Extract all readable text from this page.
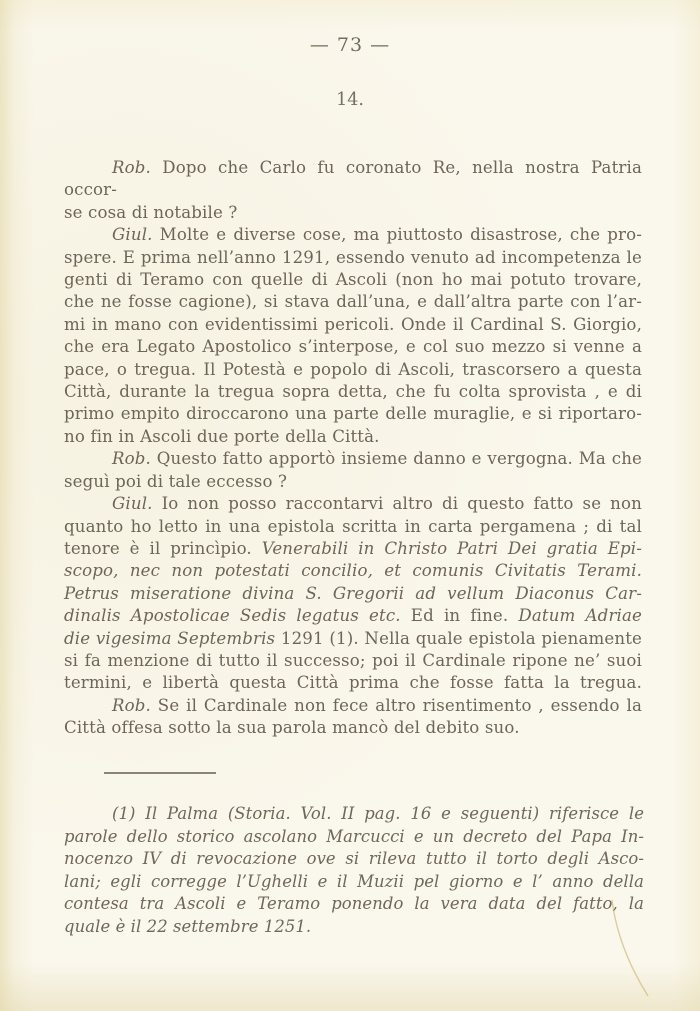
— 73 —
14.
Rob. Dopo che Carlo fu coronato Re, nella nostra Patria occor-
se cosa di notabile ?
Giul. Molte e diverse cose, ma piuttosto disastrose, che pro-
spere. E prima nell’anno 1291, essendo venuto ad incompetenza le
genti di Teramo con quelle di Ascoli (non ho mai potuto trovare,
che ne fosse cagione), si stava dall’una, e dall’altra parte con l’ar-
mi in mano con evidentissimi pericoli. Onde il Cardinal S. Giorgio,
che era Legato Apostolico s’interpose, e col suo mezzo si venne a
pace, o tregua. Il Potestà e popolo di Ascoli, trascorsero a questa
Città, durante la tregua sopra detta, che fu colta sprovista , e di
primo empito diroccarono una parte delle muraglie, e si riportaro-
no fin in Ascoli due porte della Città.
Rob. Questo fatto apportò insieme danno e vergogna. Ma che
seguì poi di tale eccesso ?
Giul. Io non posso raccontarvi altro di questo fatto se non
quanto ho letto in una epistola scritta in carta pergamena ; di tal
tenore è il princìpio. Venerabili in Christo Patri Dei gratia Epi-
scopo, nec non potestati concilio, et comunis Civitatis Terami.
Petrus miseratione divina S. Gregorii ad vellum Diaconus Car-
dinalis Apostolicae Sedis legatus etc. Ed in fine. Datum Adriae
die vigesima Septembris 1291 (1). Nella quale epistola pienamente
si fa menzione di tutto il successo; poi il Cardinale ripone ne’ suoi
termini, e libertà questa Città prima che fosse fatta la tregua.
Rob. Se il Cardinale non fece altro risentimento , essendo la
Città offesa sotto la sua parola mancò del debito suo.
(1) Il Palma (Storia. Vol. II pag. 16 e seguenti) riferisce le
parole dello storico ascolano Marcucci e un decreto del Papa In-
nocenzo IV di revocazione ove si rileva tutto il torto degli Asco-
lani; egli corregge l’Ughelli e il Muzii pel giorno e l’ anno della
contesa tra Ascoli e Teramo ponendo la vera data del fatto, la
quale è il 22 settembre 1251.
